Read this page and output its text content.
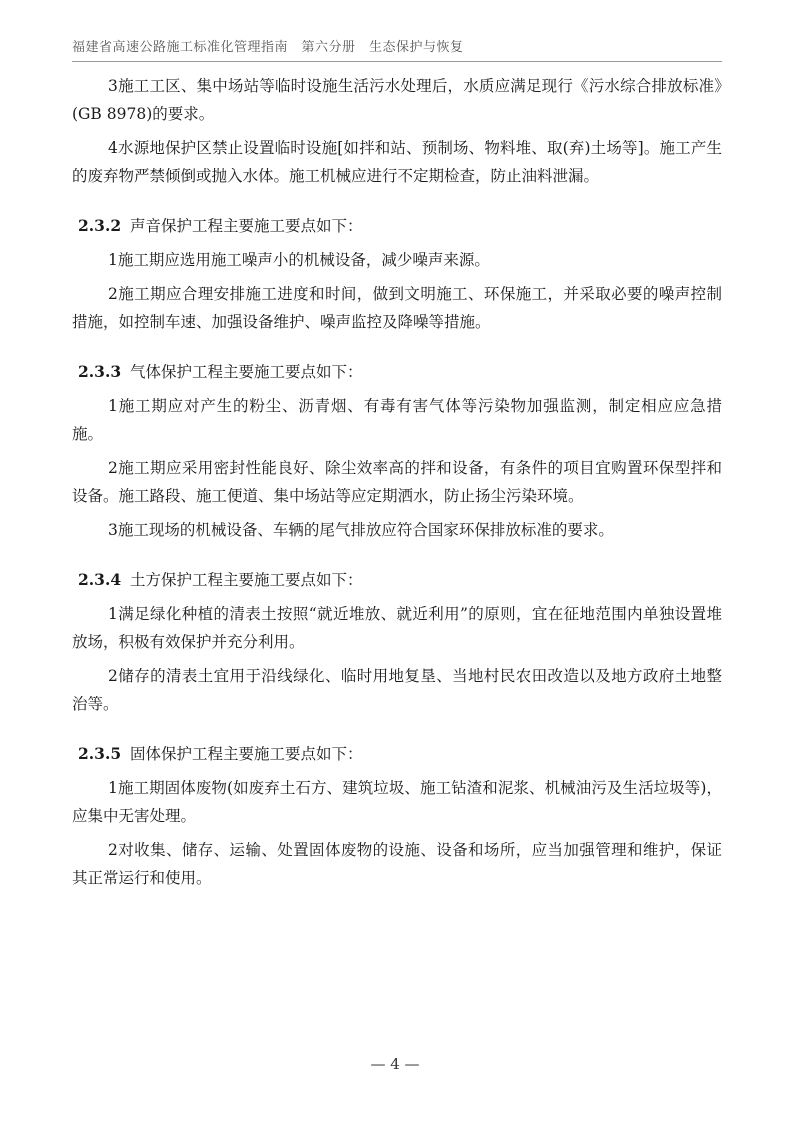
福建省高速公路施工标准化管理指南　第六分册　生态保护与恢复

3施工工区、集中场站等临时设施生活污水处理后，水质应满足现行《污水综合排放标准》(GB 8978)的要求。

4水源地保护区禁止设置临时设施[如拌和站、预制场、物料堆、取(弃)土场等]。施工产生的废弃物严禁倾倒或抛入水体。施工机械应进行不定期检查，防止油料泄漏。

2.3.2 声音保护工程主要施工要点如下：

1施工期应选用施工噪声小的机械设备，减少噪声来源。

2施工期应合理安排施工进度和时间，做到文明施工、环保施工，并采取必要的噪声控制措施，如控制车速、加强设备维护、噪声监控及降噪等措施。

2.3.3 气体保护工程主要施工要点如下：

1施工期应对产生的粉尘、沥青烟、有毒有害气体等污染物加强监测，制定相应应急措施。

2施工期应采用密封性能良好、除尘效率高的拌和设备，有条件的项目宜购置环保型拌和设备。施工路段、施工便道、集中场站等应定期洒水，防止扬尘污染环境。

3施工现场的机械设备、车辆的尾气排放应符合国家环保排放标准的要求。

2.3.4 土方保护工程主要施工要点如下：

1满足绿化种植的清表土按照“就近堆放、就近利用”的原则，宜在征地范围内单独设置堆放场，积极有效保护并充分利用。

2储存的清表土宜用于沿线绿化、临时用地复垦、当地村民农田改造以及地方政府土地整治等。

2.3.5 固体保护工程主要施工要点如下：

1施工期固体废物(如废弃土石方、建筑垃圾、施工钻渣和泥浆、机械油污及生活垃圾等)，应集中无害处理。

2对收集、储存、运输、处置固体废物的设施、设备和场所，应当加强管理和维护，保证其正常运行和使用。

— 4 —
